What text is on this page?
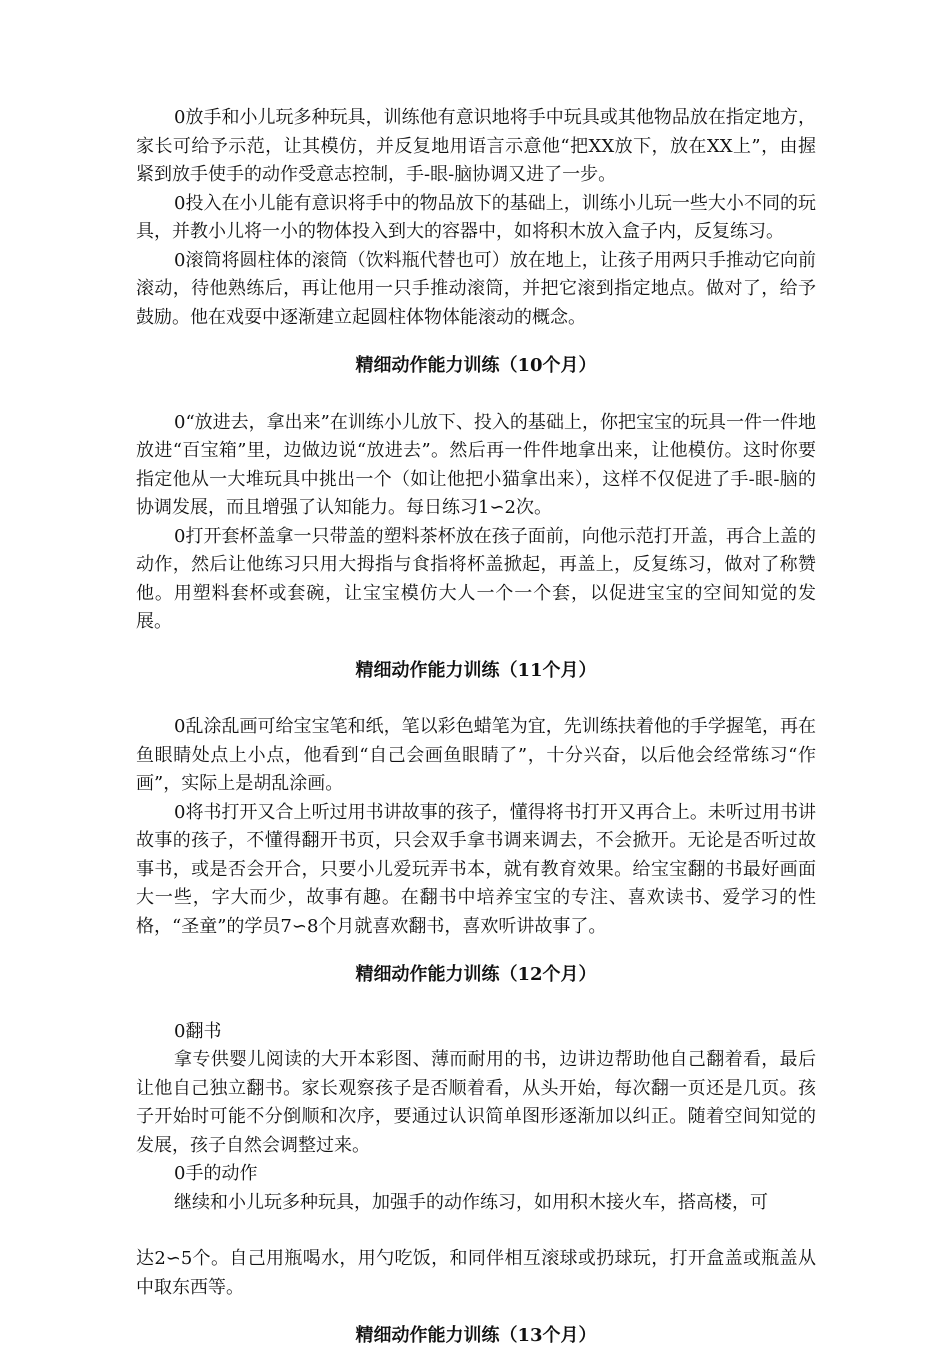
0放手和小儿玩多种玩具，训练他有意识地将手中玩具或其他物品放在指定地方，家长可给予示范，让其模仿，并反复地用语言示意他“把XX放下，放在XX上”，由握紧到放手使手的动作受意志控制，手-眼-脑协调又进了一步。

0投入在小儿能有意识将手中的物品放下的基础上，训练小儿玩一些大小不同的玩具，并教小儿将一小的物体投入到大的容器中，如将积木放入盒子内，反复练习。

0滚筒将圆柱体的滚筒（饮料瓶代替也可）放在地上，让孩子用两只手推动它向前滚动，待他熟练后，再让他用一只手推动滚筒，并把它滚到指定地点。做对了，给予鼓励。他在戏耍中逐渐建立起圆柱体物体能滚动的概念。

精细动作能力训练（10个月）

0“放进去，拿出来”在训练小儿放下、投入的基础上，你把宝宝的玩具一件一件地放进“百宝箱”里，边做边说“放进去”。然后再一件件地拿出来，让他模仿。这时你要指定他从一大堆玩具中挑出一个（如让他把小猫拿出来），这样不仅促进了手-眼-脑的协调发展，而且增强了认知能力。每日练习1∽2次。

0打开套杯盖拿一只带盖的塑料茶杯放在孩子面前，向他示范打开盖，再合上盖的动作，然后让他练习只用大拇指与食指将杯盖掀起，再盖上，反复练习，做对了称赞他。用塑料套杯或套碗，让宝宝模仿大人一个一个套，以促进宝宝的空间知觉的发展。

精细动作能力训练（11个月）

0乱涂乱画可给宝宝笔和纸，笔以彩色蜡笔为宜，先训练扶着他的手学握笔，再在鱼眼睛处点上小点，他看到“自己会画鱼眼睛了”，十分兴奋，以后他会经常练习“作画”，实际上是胡乱涂画。

0将书打开又合上听过用书讲故事的孩子，懂得将书打开又再合上。未听过用书讲故事的孩子，不懂得翻开书页，只会双手拿书调来调去，不会掀开。无论是否听过故事书，或是否会开合，只要小儿爱玩弄书本，就有教育效果。给宝宝翻的书最好画面大一些，字大而少，故事有趣。在翻书中培养宝宝的专注、喜欢读书、爱学习的性格，“圣童”的学员7∽8个月就喜欢翻书，喜欢听讲故事了。

精细动作能力训练（12个月）

0翻书

拿专供婴儿阅读的大开本彩图、薄而耐用的书，边讲边帮助他自己翻着看，最后让他自己独立翻书。家长观察孩子是否顺着看，从头开始，每次翻一页还是几页。孩子开始时可能不分倒顺和次序，要通过认识简单图形逐渐加以纠正。随着空间知觉的发展，孩子自然会调整过来。

0手的动作

继续和小儿玩多种玩具，加强手的动作练习，如用积木接火车，搭高楼，可

达2∽5个。自己用瓶喝水，用勺吃饭，和同伴相互滚球或扔球玩，打开盒盖或瓶盖从中取东西等。

精细动作能力训练（13个月）
